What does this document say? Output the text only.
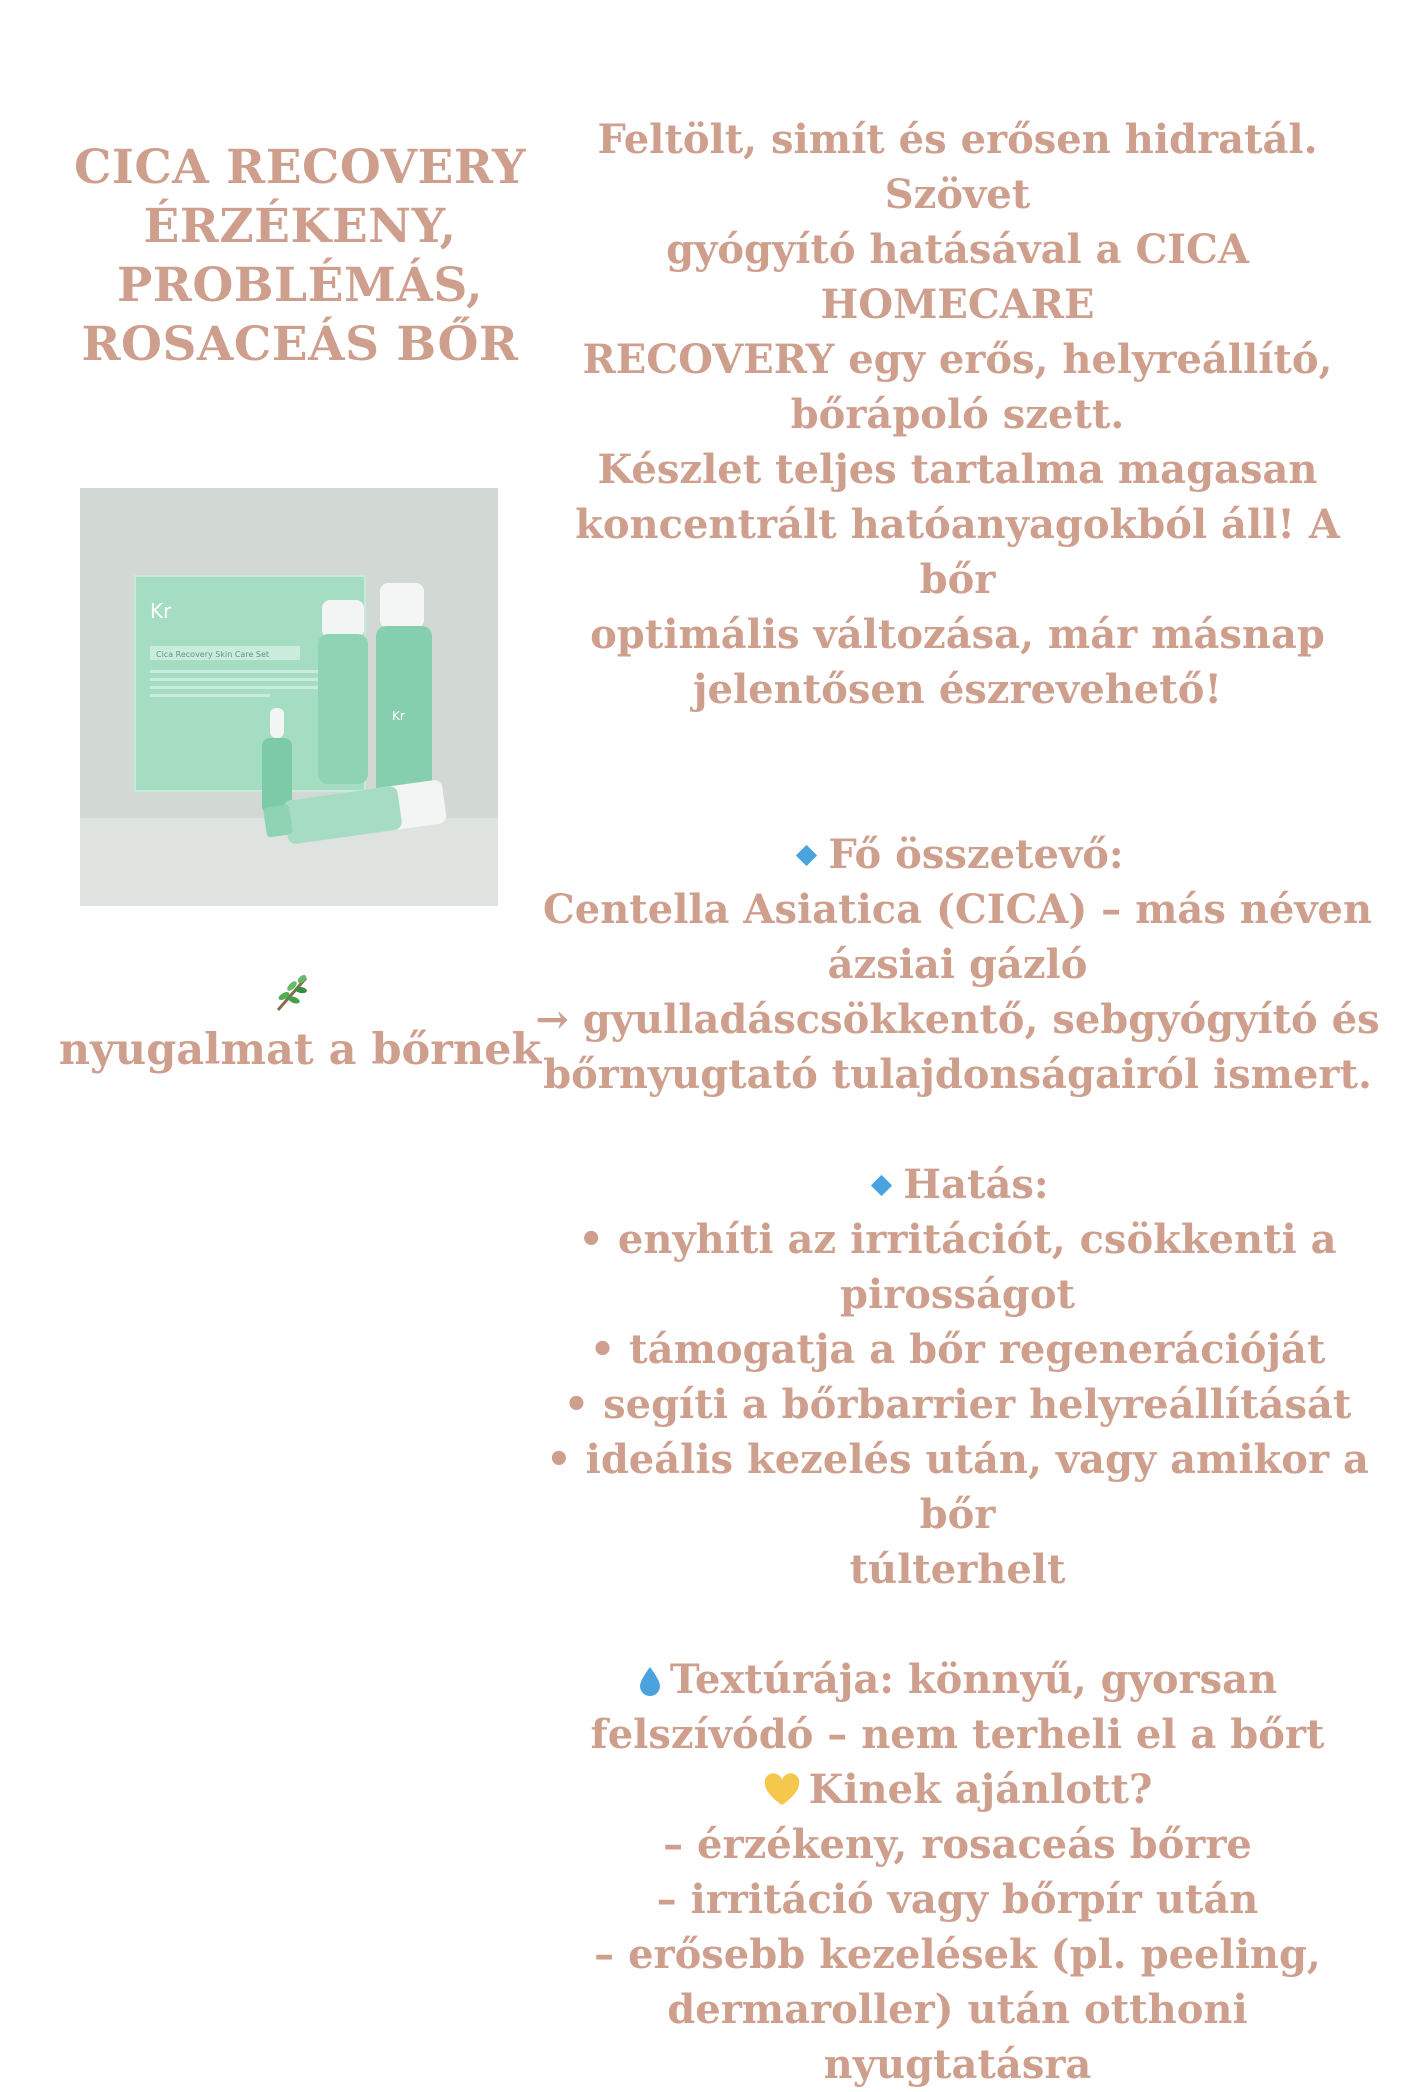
CICA RECOVERY
ÉRZÉKENY,
PROBLÉMÁS,
ROSACEÁS BŐR
Kr
Cica Recovery Skin Care Set
Kr
nyugalmat a bőrnek

Feltölt, simít és erősen hidratál. Szövet

gyógyító hatásával a CICA HOMECARE

RECOVERY egy erős, helyreállító,

bőrápoló szett.

Készlet teljes tartalma magasan

koncentrált hatóanyagokból áll! A bőr

optimális változása, már másnap

jelentősen észrevehető!

Fő összetevő:

Centella Asiatica (CICA) – más néven

ázsiai gázló

→ gyulladáscsökkentő, sebgyógyító és

bőrnyugtató tulajdonságairól ismert.

Hatás:

• enyhíti az irritációt, csökkenti a

pirosságot

• támogatja a bőr regenerációját

• segíti a bőrbarrier helyreállítását

• ideális kezelés után, vagy amikor a bőr

túlterhelt

Textúrája: könnyű, gyorsan

felszívódó – nem terheli el a bőrt

Kinek ajánlott?

– érzékeny, rosaceás bőrre

– irritáció vagy bőrpír után

– erősebb kezelések (pl. peeling,

dermaroller) után otthoni nyugtatásra
